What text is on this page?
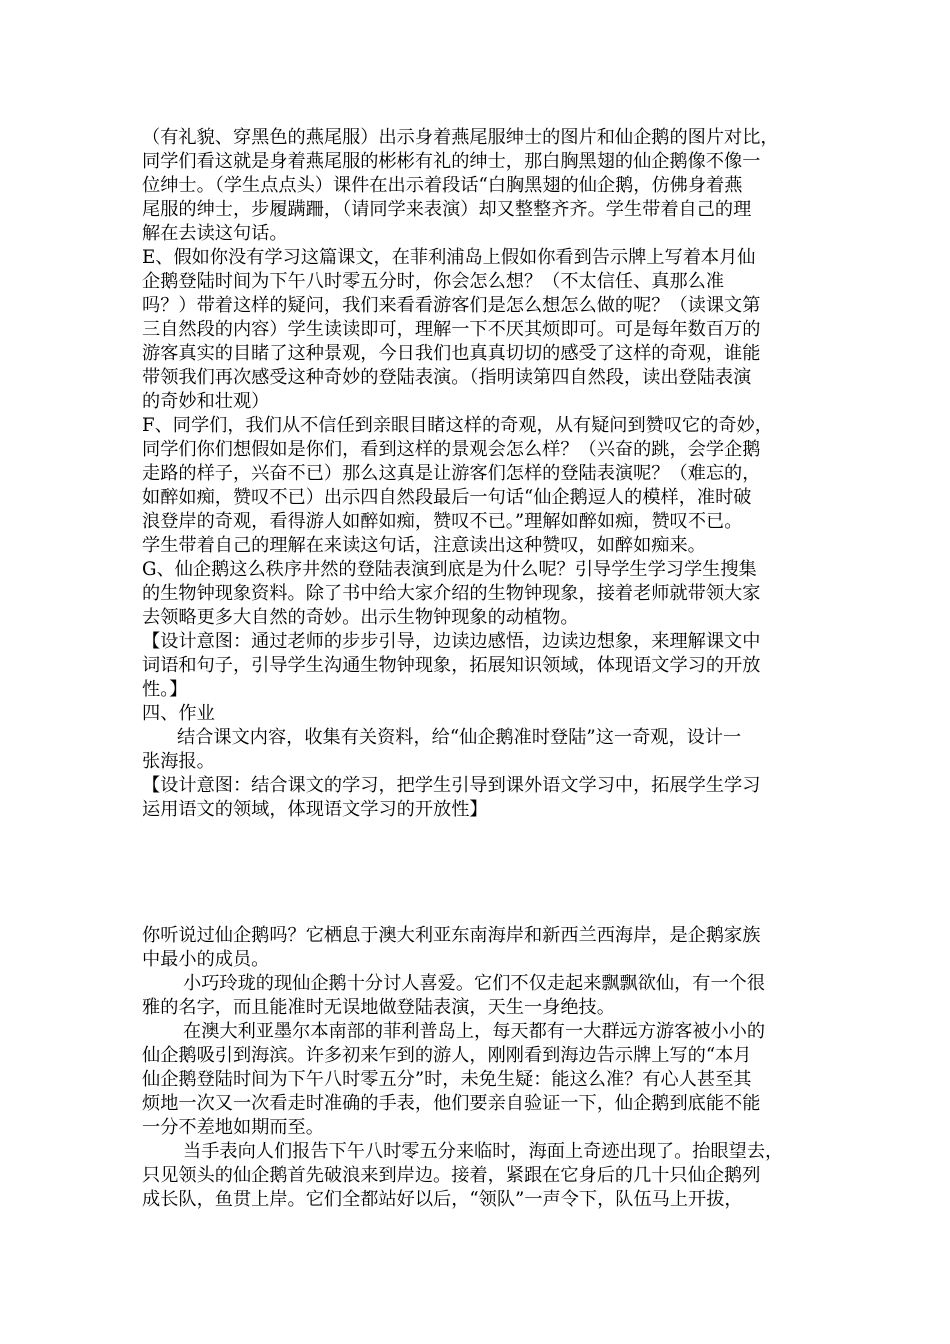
（有礼貌、穿黑色的燕尾服）出示身着燕尾服绅士的图片和仙企鹅的图片对比，
同学们看这就是身着燕尾服的彬彬有礼的绅士，那白胸黑翅的仙企鹅像不像一
位绅士。（学生点点头）课件在出示着段话“白胸黑翅的仙企鹅，仿佛身着燕
尾服的绅士，步履蹒跚，（请同学来表演）却又整整齐齐。学生带着自己的理
解在去读这句话。
E、假如你没有学习这篇课文，在菲利浦岛上假如你看到告示牌上写着本月仙
企鹅登陆时间为下午八时零五分时，你会怎么想？（不太信任、真那么准
吗？）带着这样的疑问，我们来看看游客们是怎么想怎么做的呢？（读课文第
三自然段的内容）学生读读即可，理解一下不厌其烦即可。可是每年数百万的
游客真实的目睹了这种景观，今日我们也真真切切的感受了这样的奇观，谁能
带领我们再次感受这种奇妙的登陆表演。（指明读第四自然段，读出登陆表演
的奇妙和壮观）
F、同学们，我们从不信任到亲眼目睹这样的奇观，从有疑问到赞叹它的奇妙，
同学们你们想假如是你们，看到这样的景观会怎么样？（兴奋的跳，会学企鹅
走路的样子，兴奋不已）那么这真是让游客们怎样的登陆表演呢？（难忘的，
如醉如痴，赞叹不已）出示四自然段最后一句话“仙企鹅逗人的模样，准时破
浪登岸的奇观，看得游人如醉如痴，赞叹不已。”理解如醉如痴，赞叹不已。
学生带着自己的理解在来读这句话，注意读出这种赞叹，如醉如痴来。
G、仙企鹅这么秩序井然的登陆表演到底是为什么呢？引导学生学习学生搜集
的生物钟现象资料。除了书中给大家介绍的生物钟现象，接着老师就带领大家
去领略更多大自然的奇妙。出示生物钟现象的动植物。
【设计意图：通过老师的步步引导，边读边感悟，边读边想象，来理解课文中
词语和句子，引导学生沟通生物钟现象，拓展知识领域，体现语文学习的开放
性。】
四、作业
结合课文内容，收集有关资料，给“仙企鹅准时登陆”这一奇观，设计一
张海报。
【设计意图：结合课文的学习，把学生引导到课外语文学习中，拓展学生学习
运用语文的领域，体现语文学习的开放性】
你听说过仙企鹅吗？它栖息于澳大利亚东南海岸和新西兰西海岸，是企鹅家族
中最小的成员。
小巧玲珑的现仙企鹅十分讨人喜爱。它们不仅走起来飘飘欲仙，有一个很
雅的名字，而且能准时无误地做登陆表演，天生一身绝技。
在澳大利亚墨尔本南部的菲利普岛上，每天都有一大群远方游客被小小的
仙企鹅吸引到海滨。许多初来乍到的游人，刚刚看到海边告示牌上写的“本月
仙企鹅登陆时间为下午八时零五分”时，未免生疑：能这么准？有心人甚至其
烦地一次又一次看走时准确的手表，他们要亲自验证一下，仙企鹅到底能不能
一分不差地如期而至。
当手表向人们报告下午八时零五分来临时，海面上奇迹出现了。抬眼望去，
只见领头的仙企鹅首先破浪来到岸边。接着，紧跟在它身后的几十只仙企鹅列
成长队，鱼贯上岸。它们全都站好以后，“领队”一声令下，队伍马上开拔，
